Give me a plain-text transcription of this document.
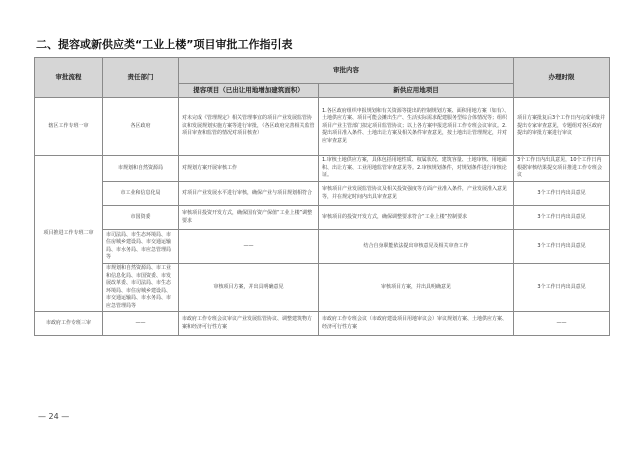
二、提容或新供应类“工业上楼”项目审批工作指引表
审批流程	责任部门	审批内容		办理时限
		提容项目（已出让用地增加建筑面积）	新供应用地项目	
辖区工作专班一审	各区政府	对未完成《管理规定》相关管理事宜的项目产业发展监管协议和发展规划实施方案等进行审批，（各区政府完善相关监管项目审查和监管的情况对项目核查）	1.各区政府组织申报规划和有关资源等提出的控制规划方案、面积用地方案（如有）、土地供应方案、项目可能会摊出生产、生活实际需求配建服务型综合体情况等；组织项目产业主管部门拟定项目监管协议；以上各方案申报送项目工作专班会议审议。2.提出项目准入条件、土地出让方案及相关条件审查意见，按土地出让管理规定，并对应审查意见	项目方案批复后3个工作日内完成审批并提出专家审查意见，专题组对各区政府提出的审批方案进行审议
项目推进工作专班二审	市规划和自然资源局	对规划方案开展审核工作	1.审核土地供应方案，具体包括用地性质、权属状况、建筑容量、土地审核、用地面积、出让方案、工业用地监管审查意见等。2.审核规划条件，对规划条件进行审核论证。	3个工作日内出具意见，10个工作日内根据审核结果提交项目推进工作专班会议
	市工业和信息化局	对项目产业发展水平进行审核，确保产业与项目规划相符合	审核项目产业发展监管协议及相关投资强度等方面产业准入条件，产业发展准入意见等，并在规定时间内出具审查意见	3个工作日内出具意见
	市国资委	审核项目投资开发方式，确保国有资产保值“工业上楼”调整要求	审核项目的投资开发方式，确保调整要求符合“工业上楼”控制要求	3个工作日内出具意见
	市司法局、市生态环境局、市住房城乡建设局、市交通运输局、市水务局、市应急管理局等	——	结合自身职能依法提出审核意见及相关审查工作	3个工作日内出具意见
	市规划和自然资源局、市工业和信息化局、市国资委、市发展改革委、市司法局、市生态环境局、市住房城乡建设局、市交通运输局、市水务局、市应急管理局等	审核项目方案，并出具明确意见	审核项目方案，并出具明确意见	3个工作日内出具意见
市政府工作专班三审	——	市政府工作专班会议审议产业发展监管协议、调整建筑物方案和经济可行性方案	市政府工作专班会议（市政府建设项目用地审议会）审议规划方案、土地供应方案、经济可行性方案	——
— 24 —
